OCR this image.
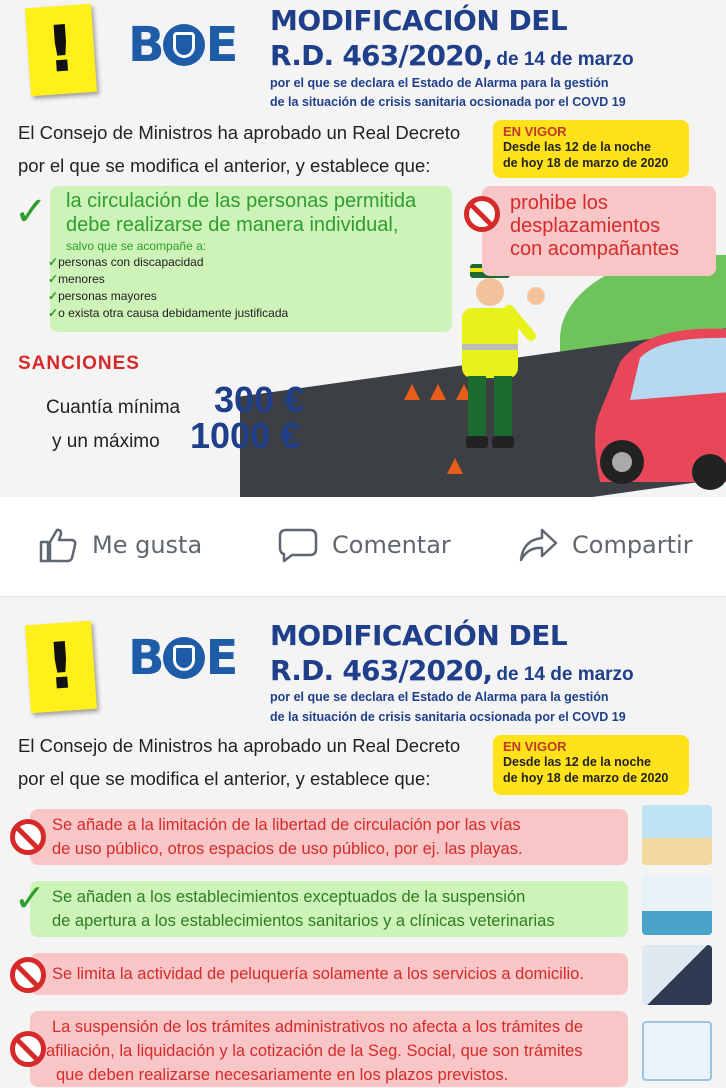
! B E MODIFICACIÓN DEL
R.D. 463/2020, de 14 de marzo
por el que se declara el Estado de Alarma para la gestión
de la situación de crisis sanitaria ocsionada por el COVD 19
El Consejo de Ministros ha aprobado un Real Decreto
por el que se modifica el anterior, y establece que:
EN VIGOR
Desde las 12 de la noche
de hoy 18 de marzo de 2020
✓ la circulación de las personas permitida
debe realizarse de manera individual,
salvo que se acompañe a:
✓personas con discapacidad
✓menores
✓personas mayores
✓o exista otra causa debidamente justificada
prohibe los
desplazamientos
con acompañantes
SANCIONES
Cuantía mínima 300 €
y un máximo 1000 €
Me gusta	Comentar	Compartir
! B E MODIFICACIÓN DEL
R.D. 463/2020, de 14 de marzo
por el que se declara el Estado de Alarma para la gestión
de la situación de crisis sanitaria ocsionada por el COVD 19
El Consejo de Ministros ha aprobado un Real Decreto
por el que se modifica el anterior, y establece que:
EN VIGOR
Desde las 12 de la noche
de hoy 18 de marzo de 2020
Se añade a la limitación de la libertad de circulación por las vías
de uso público, otros espacios de uso público, por ej. las playas.
✓ Se añaden a los establecimientos exceptuados de la suspensión
de apertura a los establecimientos sanitarios y a clínicas veterinarias
Se limita la actividad de peluquería solamente a los servicios a domicilio.
La suspensión de los trámites administrativos no afecta a los trámites de
afiliación, la liquidación y la cotización de la Seg. Social, que son trámites
que deben realizarse necesariamente en los plazos previstos.
